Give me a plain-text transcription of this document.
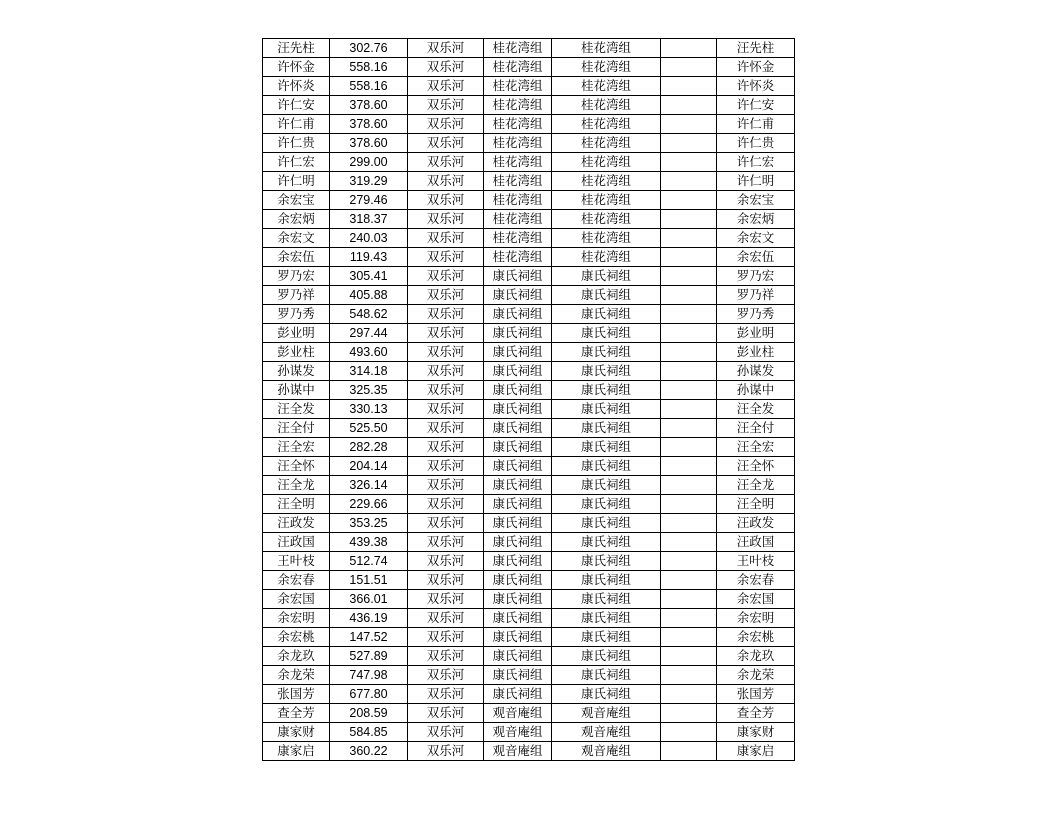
汪先柱	302.76	双乐河	桂花湾组	桂花湾组		汪先柱
许怀金	558.16	双乐河	桂花湾组	桂花湾组		许怀金
许怀炎	558.16	双乐河	桂花湾组	桂花湾组		许怀炎
许仁安	378.60	双乐河	桂花湾组	桂花湾组		许仁安
许仁甫	378.60	双乐河	桂花湾组	桂花湾组		许仁甫
许仁贵	378.60	双乐河	桂花湾组	桂花湾组		许仁贵
许仁宏	299.00	双乐河	桂花湾组	桂花湾组		许仁宏
许仁明	319.29	双乐河	桂花湾组	桂花湾组		许仁明
余宏宝	279.46	双乐河	桂花湾组	桂花湾组		余宏宝
余宏炳	318.37	双乐河	桂花湾组	桂花湾组		余宏炳
余宏文	240.03	双乐河	桂花湾组	桂花湾组		余宏文
余宏伍	119.43	双乐河	桂花湾组	桂花湾组		余宏伍
罗乃宏	305.41	双乐河	康氏祠组	康氏祠组		罗乃宏
罗乃祥	405.88	双乐河	康氏祠组	康氏祠组		罗乃祥
罗乃秀	548.62	双乐河	康氏祠组	康氏祠组		罗乃秀
彭业明	297.44	双乐河	康氏祠组	康氏祠组		彭业明
彭业柱	493.60	双乐河	康氏祠组	康氏祠组		彭业柱
孙谋发	314.18	双乐河	康氏祠组	康氏祠组		孙谋发
孙谋中	325.35	双乐河	康氏祠组	康氏祠组		孙谋中
汪全发	330.13	双乐河	康氏祠组	康氏祠组		汪全发
汪全付	525.50	双乐河	康氏祠组	康氏祠组		汪全付
汪全宏	282.28	双乐河	康氏祠组	康氏祠组		汪全宏
汪全怀	204.14	双乐河	康氏祠组	康氏祠组		汪全怀
汪全龙	326.14	双乐河	康氏祠组	康氏祠组		汪全龙
汪全明	229.66	双乐河	康氏祠组	康氏祠组		汪全明
汪政发	353.25	双乐河	康氏祠组	康氏祠组		汪政发
汪政国	439.38	双乐河	康氏祠组	康氏祠组		汪政国
王叶枝	512.74	双乐河	康氏祠组	康氏祠组		王叶枝
余宏春	151.51	双乐河	康氏祠组	康氏祠组		余宏春
余宏国	366.01	双乐河	康氏祠组	康氏祠组		余宏国
余宏明	436.19	双乐河	康氏祠组	康氏祠组		余宏明
余宏桃	147.52	双乐河	康氏祠组	康氏祠组		余宏桃
余龙玖	527.89	双乐河	康氏祠组	康氏祠组		余龙玖
余龙荣	747.98	双乐河	康氏祠组	康氏祠组		余龙荣
张国芳	677.80	双乐河	康氏祠组	康氏祠组		张国芳
查全芳	208.59	双乐河	观音庵组	观音庵组		查全芳
康家财	584.85	双乐河	观音庵组	观音庵组		康家财
康家启	360.22	双乐河	观音庵组	观音庵组		康家启
